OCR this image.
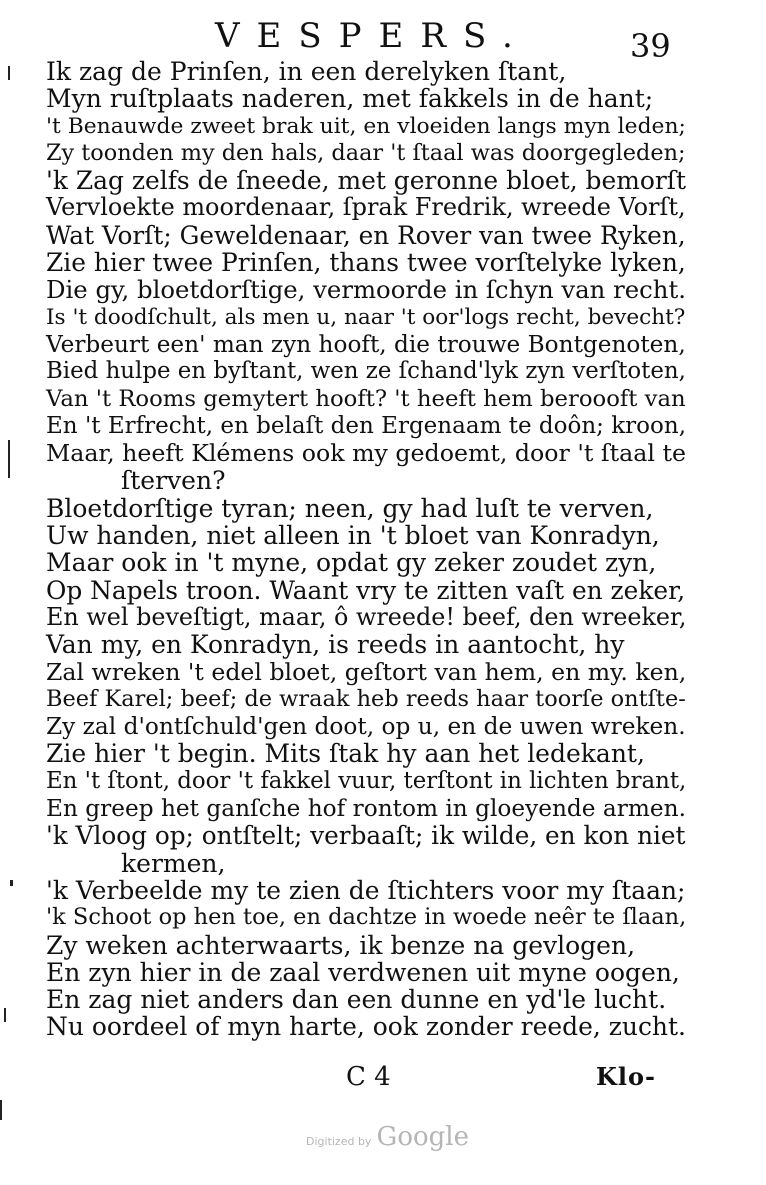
VESPERS.	39
Ik zag de Prinſen, in een derelyken ſtant,
Myn ruſtplaats naderen, met fakkels in de hant;
't Benauwde zweet brak uit, en vloeiden langs myn leden;
Zy toonden my den hals, daar 't ſtaal was doorgegleden;
'k Zag zelfs de ſneede, met geronne bloet, bemorſt
Vervloekte moordenaar, ſprak Fredrik, wreede Vorſt,
Wat Vorſt; Geweldenaar, en Rover van twee Ryken,
Zie hier twee Prinſen, thans twee vorſtelyke lyken,
Die gy, bloetdorſtige, vermoorde in ſchyn van recht.
Is 't doodſchult, als men u, naar 't oor'logs recht, bevecht?
Verbeurt een' man zyn hooft, die trouwe Bontgenoten,
Bied hulpe en byſtant, wen ze ſchand'lyk zyn verſtoten,
Van 't Rooms gemytert hooft? 't heeft hem beroooft van
En 't Erfrecht, en belaſt den Ergenaam te doôn; kroon,
Maar, heeft Klémens ook my gedoemt, door 't ſtaal te
ſterven?
Bloetdorſtige tyran; neen, gy had luſt te verven,
Uw handen, niet alleen in 't bloet van Konradyn,
Maar ook in 't myne, opdat gy zeker zoudet zyn,
Op Napels troon. Waant vry te zitten vaſt en zeker,
En wel beveſtigt, maar, ô wreede! beef, den wreeker,
Van my, en Konradyn, is reeds in aantocht, hy
Zal wreken 't edel bloet, geſtort van hem, en my. ken,
Beef Karel; beef; de wraak heb reeds haar toorſe ontſte-
Zy zal d'ontſchuld'gen doot, op u, en de uwen wreken.
Zie hier 't begin. Mits ſtak hy aan het ledekant,
En 't ſtont, door 't fakkel vuur, terſtont in lichten brant,
En greep het ganſche hof rontom in gloeyende armen.
'k Vloog op; ontſtelt; verbaaſt; ik wilde, en kon niet
kermen,
'k Verbeelde my te zien de ſtichters voor my ſtaan;
'k Schoot op hen toe, en dachtze in woede neêr te ſlaan,
Zy weken achterwaarts, ik benze na gevlogen,
En zyn hier in de zaal verdwenen uit myne oogen,
En zag niet anders dan een dunne en yd'le lucht.
Nu oordeel of myn harte, ook zonder reede, zucht.
C 4	Klo-
Digitized by Google
